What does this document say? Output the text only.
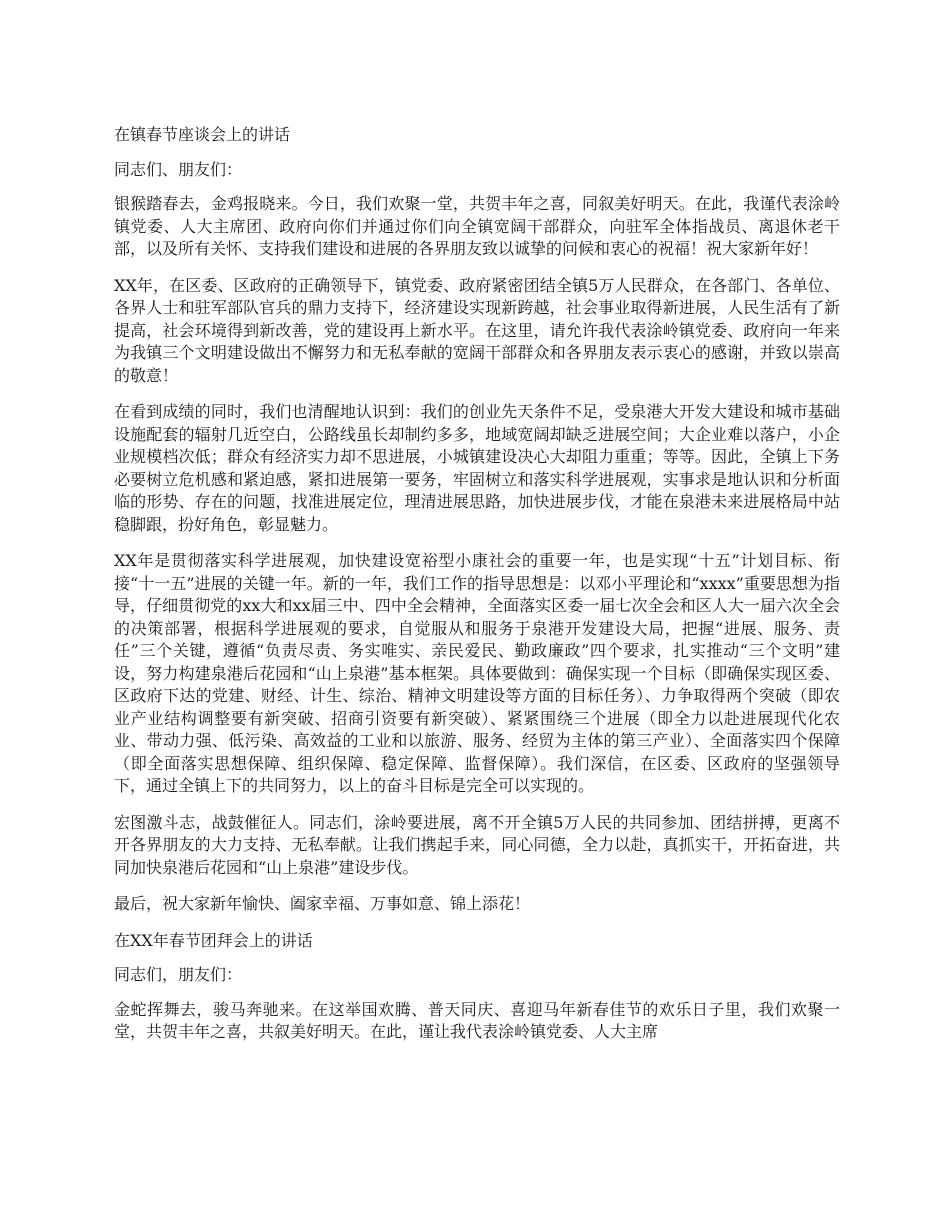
在镇春节座谈会上的讲话

同志们、朋友们：

银猴踏春去，金鸡报晓来。今日，我们欢聚一堂，共贺丰年之喜，同叙美好明天。在此，我谨代表涂岭镇党委、人大主席团、政府向你们并通过你们向全镇宽阔干部群众，向驻军全体指战员、离退休老干部，以及所有关怀、支持我们建设和进展的各界朋友致以诚挚的问候和衷心的祝福！祝大家新年好！

XX年，在区委、区政府的正确领导下，镇党委、政府紧密团结全镇5万人民群众，在各部门、各单位、各界人士和驻军部队官兵的鼎力支持下，经济建设实现新跨越，社会事业取得新进展，人民生活有了新提高，社会环境得到新改善，党的建设再上新水平。在这里，请允许我代表涂岭镇党委、政府向一年来为我镇三个文明建设做出不懈努力和无私奉献的宽阔干部群众和各界朋友表示衷心的感谢，并致以崇高的敬意！

在看到成绩的同时，我们也清醒地认识到：我们的创业先天条件不足，受泉港大开发大建设和城市基础设施配套的辐射几近空白，公路线虽长却制约多多，地域宽阔却缺乏进展空间；大企业难以落户，小企业规模档次低；群众有经济实力却不思进展，小城镇建设决心大却阻力重重；等等。因此，全镇上下务必要树立危机感和紧迫感，紧扣进展第一要务，牢固树立和落实科学进展观，实事求是地认识和分析面临的形势、存在的问题，找准进展定位，理清进展思路，加快进展步伐，才能在泉港未来进展格局中站稳脚跟，扮好角色，彰显魅力。

XX年是贯彻落实科学进展观，加快建设宽裕型小康社会的重要一年，也是实现“十五”计划目标、衔接“十一五”进展的关键一年。新的一年，我们工作的指导思想是：以邓小平理论和“xxxx”重要思想为指导，仔细贯彻党的xx大和xx届三中、四中全会精神，全面落实区委一届七次全会和区人大一届六次全会的决策部署，根据科学进展观的要求，自觉服从和服务于泉港开发建设大局，把握“进展、服务、责任”三个关键，遵循“负责尽责、务实唯实、亲民爱民、勤政廉政”四个要求，扎实推动“三个文明”建设，努力构建泉港后花园和“山上泉港”基本框架。具体要做到：确保实现一个目标（即确保实现区委、区政府下达的党建、财经、计生、综治、精神文明建设等方面的目标任务）、力争取得两个突破（即农业产业结构调整要有新突破、招商引资要有新突破）、紧紧围绕三个进展（即全力以赴进展现代化农业、带动力强、低污染、高效益的工业和以旅游、服务、经贸为主体的第三产业）、全面落实四个保障（即全面落实思想保障、组织保障、稳定保障、监督保障）。我们深信，在区委、区政府的坚强领导下，通过全镇上下的共同努力，以上的奋斗目标是完全可以实现的。

宏图激斗志，战鼓催征人。同志们，涂岭要进展，离不开全镇5万人民的共同参加、团结拼搏，更离不开各界朋友的大力支持、无私奉献。让我们携起手来，同心同德，全力以赴，真抓实干，开拓奋进，共同加快泉港后花园和“山上泉港”建设步伐。

最后，祝大家新年愉快、阖家幸福、万事如意、锦上添花！

在XX年春节团拜会上的讲话

同志们，朋友们：

金蛇挥舞去，骏马奔驰来。在这举国欢腾、普天同庆、喜迎马年新春佳节的欢乐日子里，我们欢聚一堂，共贺丰年之喜，共叙美好明天。在此，谨让我代表涂岭镇党委、人大主席
